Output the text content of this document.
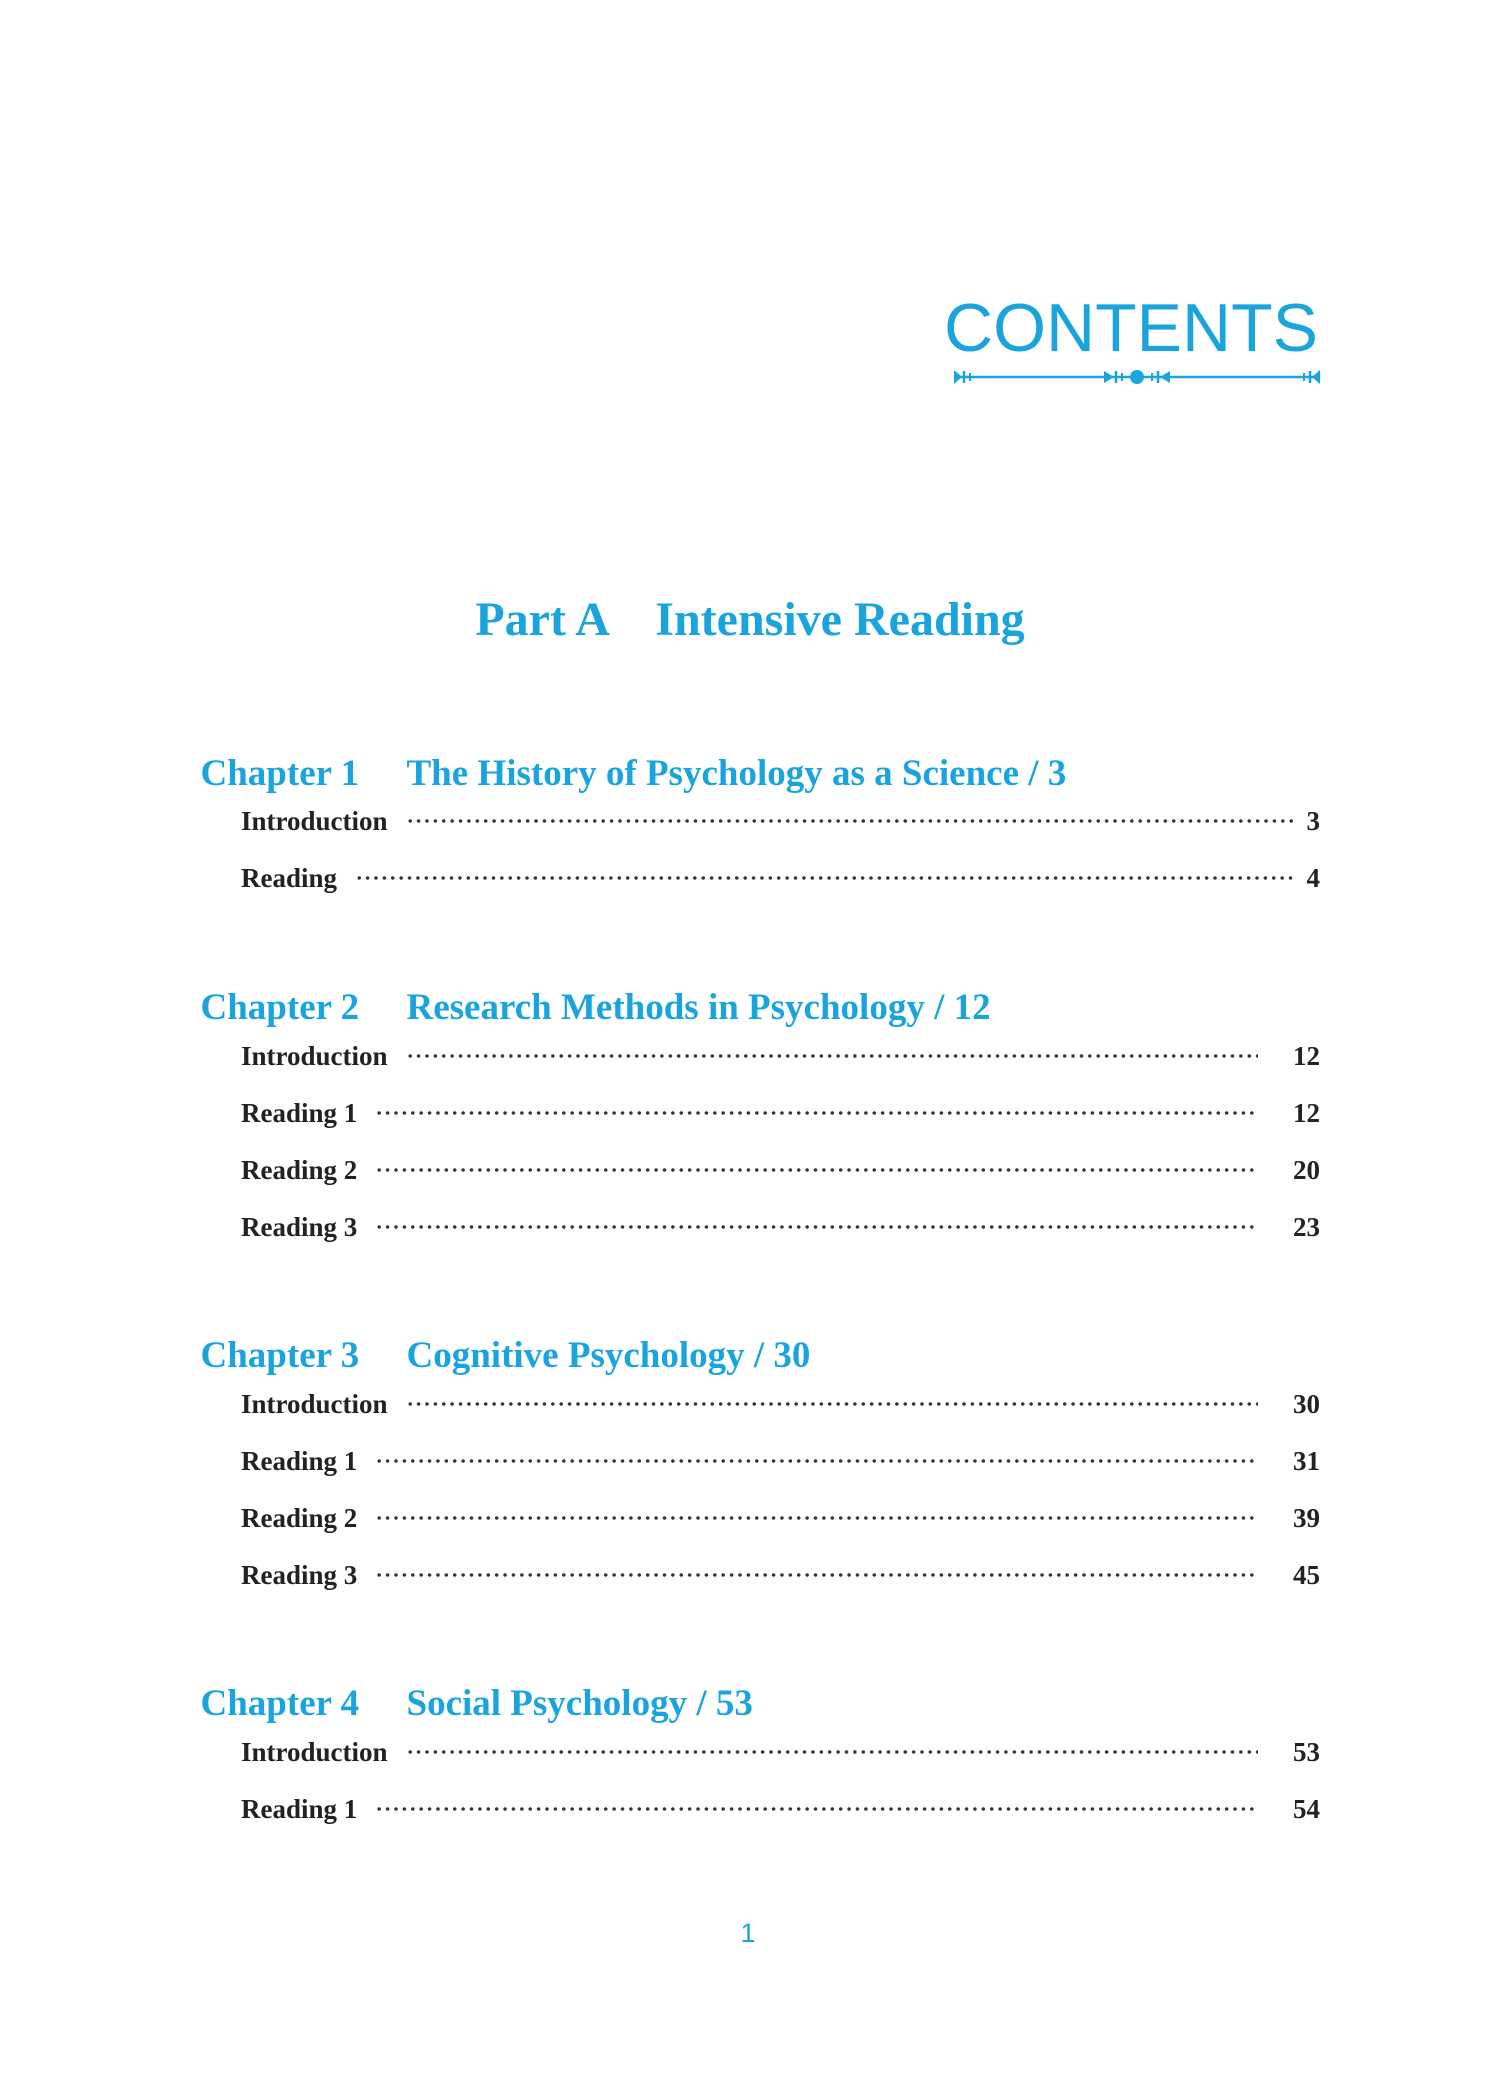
CONTENTS
Part A Intensive Reading

Chapter 1 The History of Psychology as a Science / 3

Introduction	3
Reading	4

Chapter 2 Research Methods in Psychology / 12

Introduction	12
Reading 1	12
Reading 2	20
Reading 3	23

Chapter 3 Cognitive Psychology / 30

Introduction	30
Reading 1	31
Reading 2	39
Reading 3	45

Chapter 4 Social Psychology / 53

Introduction	53
Reading 1	54
1
